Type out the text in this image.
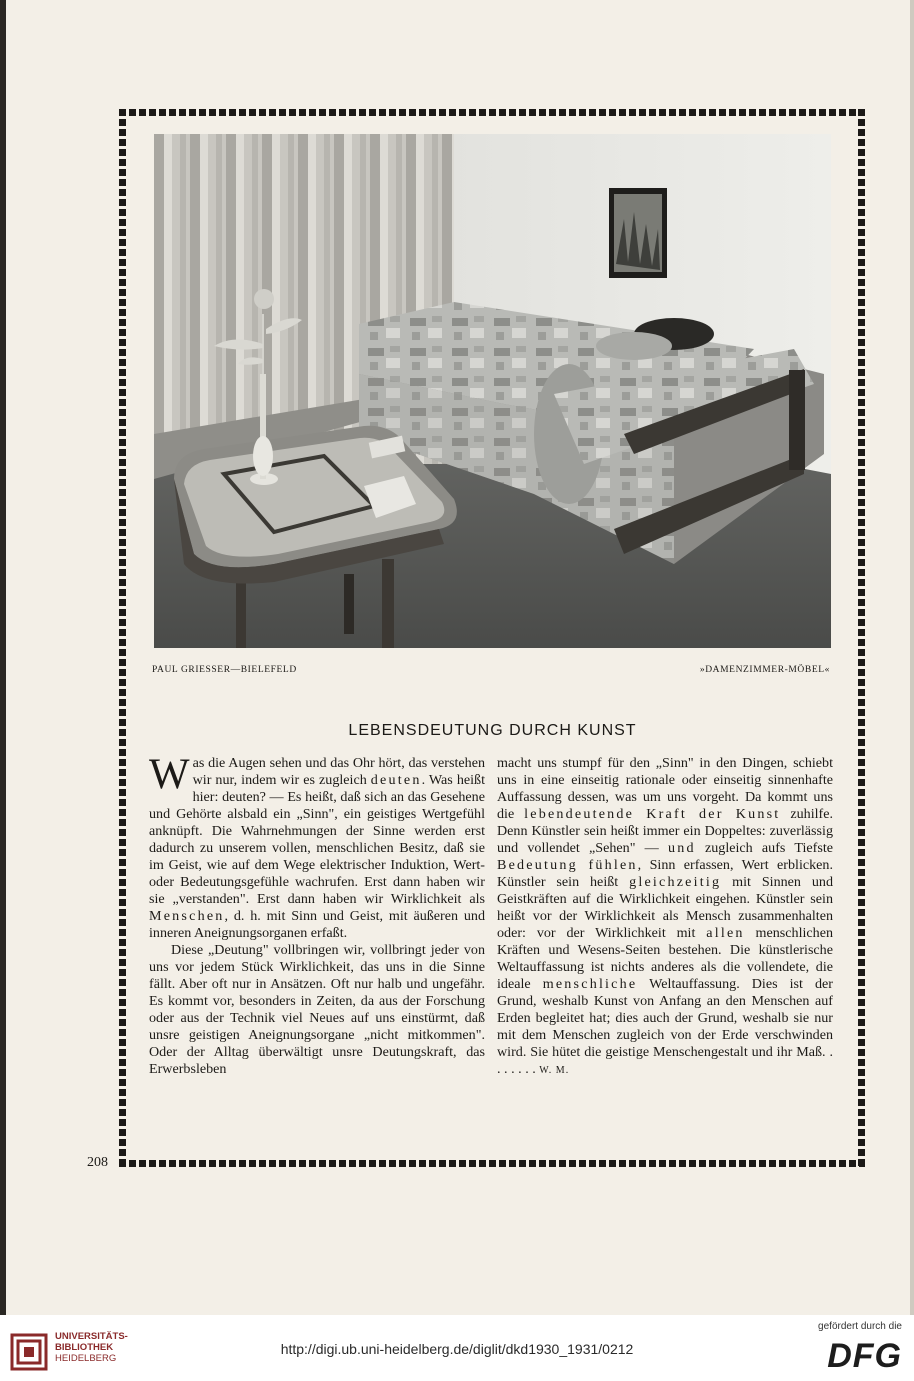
PAUL GRIESSER—BIELEFELD	»DAMENZIMMER-MÖBEL«
LEBENSDEUTUNG DURCH KUNST

Was die Augen sehen und das Ohr hört, das verstehen wir nur, indem wir es zugleich deuten. Was heißt hier: deuten? — Es heißt, daß sich an das Gesehene und Gehörte alsbald ein „Sinn", ein geistiges Wertgefühl anknüpft. Die Wahrnehmungen der Sinne werden erst dadurch zu unserem vollen, menschlichen Besitz, daß sie im Geist, wie auf dem Wege elektrischer Induktion, Wert- oder Bedeutungsgefühle wachrufen. Erst dann haben wir sie „verstanden". Erst dann haben wir Wirklichkeit als Menschen, d. h. mit Sinn und Geist, mit äußeren und inneren Aneignungsorganen erfaßt.

Diese „Deutung" vollbringen wir, vollbringt jeder von uns vor jedem Stück Wirklichkeit, das uns in die Sinne fällt. Aber oft nur in Ansätzen. Oft nur halb und ungefähr. Es kommt vor, besonders in Zeiten, da aus der Forschung oder aus der Technik viel Neues auf uns einstürmt, daß unsre geistigen Aneignungsorgane „nicht mitkommen". Oder der Alltag überwältigt unsre Deutungskraft, das Erwerbsleben

macht uns stumpf für den „Sinn" in den Dingen, schiebt uns in eine einseitig rationale oder einseitig sinnenhafte Auffassung dessen, was um uns vorgeht. Da kommt uns die lebendeutende Kraft der Kunst zuhilfe. Denn Künstler sein heißt immer ein Doppeltes: zuverlässig und vollendet „Sehen" — und zugleich aufs Tiefste Bedeutung fühlen, Sinn erfassen, Wert erblicken. Künstler sein heißt gleichzeitig mit Sinnen und Geistkräften auf die Wirklichkeit eingehen. Künstler sein heißt vor der Wirklichkeit als Mensch zusammenhalten oder: vor der Wirklichkeit mit allen menschlichen Kräften und Wesens-Seiten bestehen. Die künstlerische Weltauffassung ist nichts anderes als die vollendete, die ideale menschliche Weltauffassung. Dies ist der Grund, weshalb Kunst von Anfang an den Menschen auf Erden begleitet hat; dies auch der Grund, weshalb sie nur mit dem Menschen zugleich von der Erde verschwinden wird. Sie hütet die geistige Menschengestalt und ihr Maß. . . . . . . . W. M.

208
UNIVERSITÄTS-
BIBLIOTHEK
HEIDELBERG
http://digi.ub.uni-heidelberg.de/diglit/dkd1930_1931/0212
gefördert durch die
DFG
